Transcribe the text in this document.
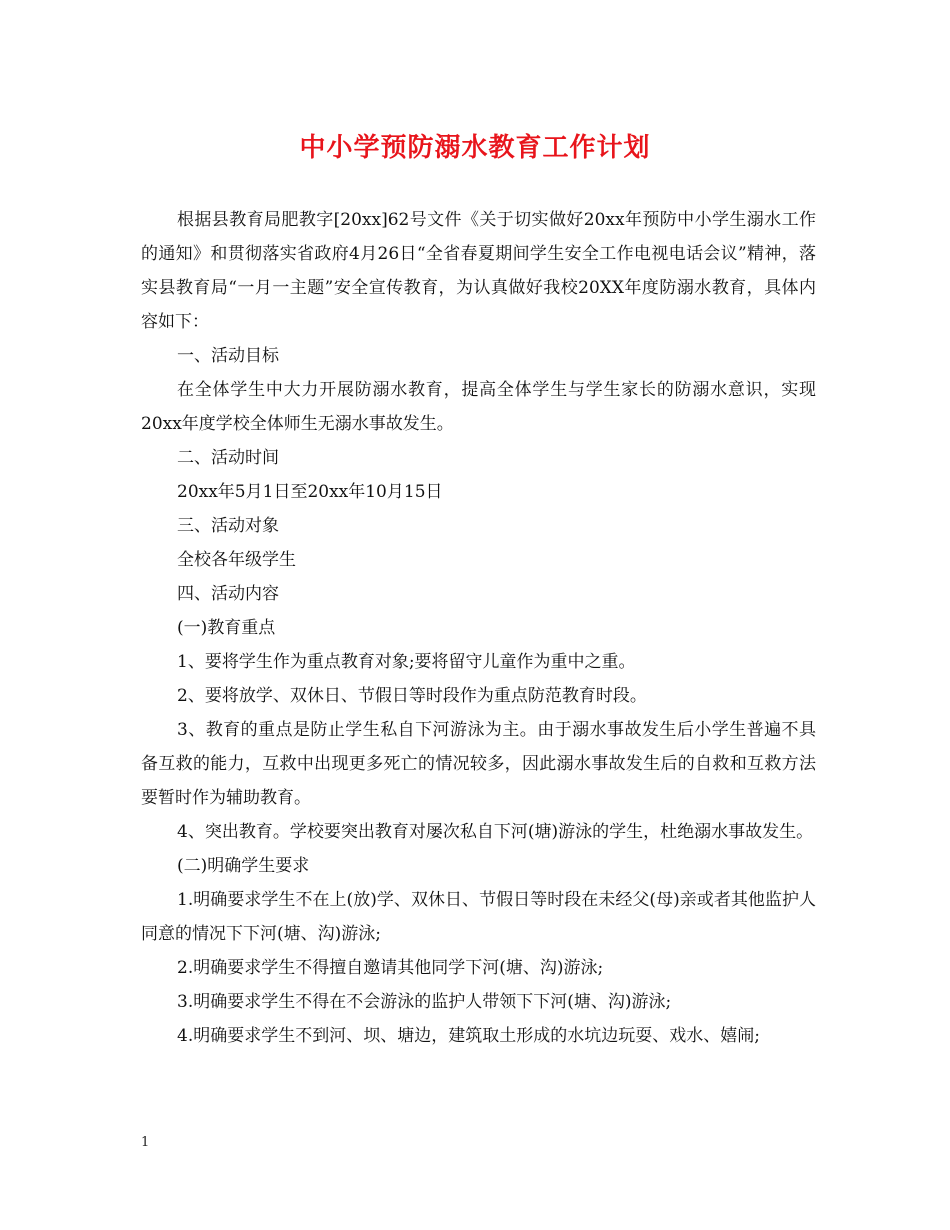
中小学预防溺水教育工作计划

根据县教育局肥教字[20xx]62号文件《关于切实做好20xx年预防中小学生溺水工作的通知》和贯彻落实省政府4月26日“全省春夏期间学生安全工作电视电话会议”精神，落实县教育局“一月一主题”安全宣传教育，为认真做好我校20XX年度防溺水教育，具体内容如下：

一、活动目标

在全体学生中大力开展防溺水教育，提高全体学生与学生家长的防溺水意识，实现20xx年度学校全体师生无溺水事故发生。

二、活动时间

20xx年5月1日至20xx年10月15日

三、活动对象

全校各年级学生

四、活动内容

(一)教育重点

1、要将学生作为重点教育对象;要将留守儿童作为重中之重。

2、要将放学、双休日、节假日等时段作为重点防范教育时段。

3、教育的重点是防止学生私自下河游泳为主。由于溺水事故发生后小学生普遍不具备互救的能力，互救中出现更多死亡的情况较多，因此溺水事故发生后的自救和互救方法要暂时作为辅助教育。

4、突出教育。学校要突出教育对屡次私自下河(塘)游泳的学生，杜绝溺水事故发生。

(二)明确学生要求

1.明确要求学生不在上(放)学、双休日、节假日等时段在未经父(母)亲或者其他监护人同意的情况下下河(塘、沟)游泳;

2.明确要求学生不得擅自邀请其他同学下河(塘、沟)游泳;

3.明确要求学生不得在不会游泳的监护人带领下下河(塘、沟)游泳;

4.明确要求学生不到河、坝、塘边，建筑取土形成的水坑边玩耍、戏水、嬉闹;

1
